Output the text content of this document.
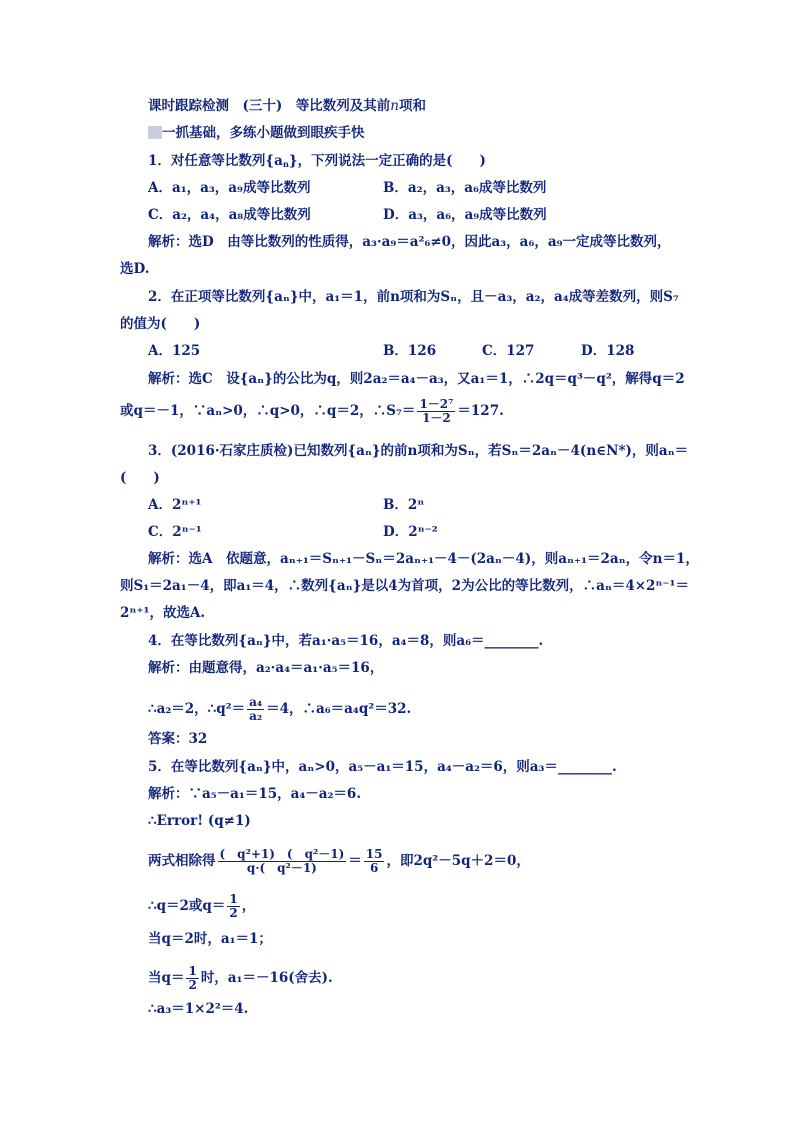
课时跟踪检测　(三十)　等比数列及其前n项和
一抓基础，多练小题做到眼疾手快
1．对任意等比数列$\{a_n\}$，下列说法一定正确的是(　　)
A．a₁，a₃，a₉成等比数列	B．a₂，a₃，a₆成等比数列
C．a₂，a₄，a₈成等比数列	D．a₃，a₆，a₉成等比数列
解析：选D　由等比数列的性质得，a₃·a₉＝a²₆≠0，因此a₃，a₆，a₉一定成等比数列，
选D.
2．在正项等比数列{aₙ}中，a₁＝1，前n项和为Sₙ，且－a₃，a₂，a₄成等差数列，则S₇
的值为(　　)
A．125	B．126	C．127	D．128
解析：选C　设{aₙ}的公比为q，则2a₂＝a₄－a₃，又a₁＝1，∴2q＝q³－q²，解得q＝2
或q＝－1，∵aₙ>0，∴q>0，∴q＝2，∴S₇＝ $\frac{\text{1－2⁷}}{1-2} =127$.
3．(2016·石家庄质检)已知数列{aₙ}的前n项和为Sₙ，若Sₙ＝2aₙ－4(n∈N*)，则aₙ＝
(　　)
A．2ⁿ⁺¹	B．2ⁿ
C．2ⁿ⁻¹	D．2ⁿ⁻²
解析：选A　依题意，aₙ₊₁＝Sₙ₊₁－Sₙ＝2aₙ₊₁－4－(2aₙ－4)，则aₙ₊₁＝2aₙ，令n＝1，
则S₁＝2a₁－4，即a₁＝4，∴数列{aₙ}是以4为首项，2为公比的等比数列，∴aₙ＝4×2ⁿ⁻¹＝
2ⁿ⁺¹，故选A.
4．在等比数列{aₙ}中，若a₁·a₅＝16，a₄＝8，则a₆＝________.
解析：由题意得，a₂·a₄＝a₁·a₅＝16，
∴a₂＝2，∴q²＝ $\frac{\text{a₄}}{\text{a₂}} =4$，∴a₆＝a₄q²＝32.
答案：32
5．在等比数列{aₙ}中，aₙ>0，a₅－a₁＝15，a₄－a₂＝6，则a₃＝________.
解析：∵a₅－a₁＝15，a₄－a₂＝6.
∴Error! (q≠1)
两式相除得 $\frac{\text{(　q²+1)　(　q²－1)}}{\text{q·(　q²－1)}} = \frac{15}{6}$ ，即2q²－5q＋2＝0，
∴q＝2或$q= \frac{1}{2}$ ，
当q＝2时，a₁＝1；
当$q= \frac{1}{2}$ 时，a₁＝－16(舍去).
∴a₃＝1×2²＝4.
